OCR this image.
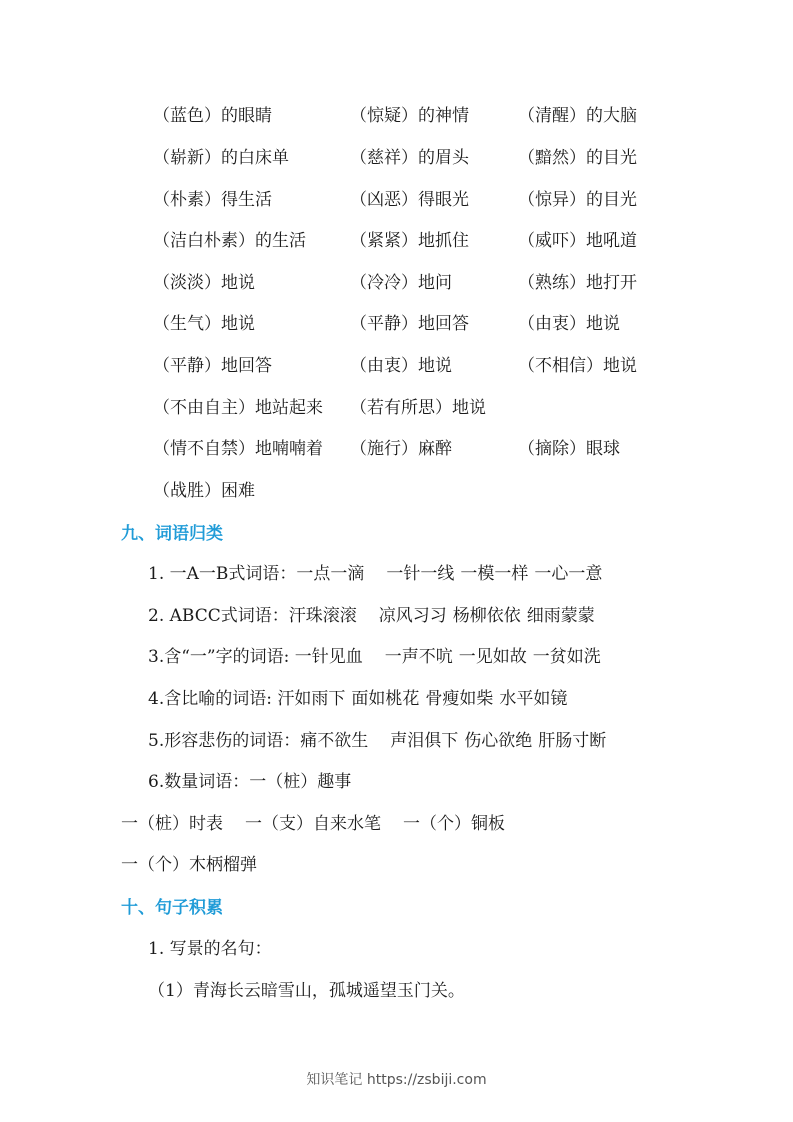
（蓝色）的眼睛	（惊疑）的神情	（清醒）的大脑
（崭新）的白床单	（慈祥）的眉头	（黯然）的目光
（朴素）得生活	（凶恶）得眼光	（惊异）的目光
（洁白朴素）的生活	（紧紧）地抓住	（威吓）地吼道
（淡淡）地说	（冷冷）地问	（熟练）地打开
（生气）地说	（平静）地回答	（由衷）地说
（平静）地回答	（由衷）地说	（不相信）地说
（不由自主）地站起来 （若有所思）地说
（情不自禁）地喃喃着 （施行）麻醉	（摘除）眼球
（战胜）困难
九、词语归类
1. 一A一B式词语：一点一滴 一针一线 一模一样 一心一意
2. ABCC式词语：汗珠滚滚 凉风习习 杨柳依依 细雨蒙蒙
3.含“一”字的词语: 一针见血 一声不吭 一见如故 一贫如洗
4.含比喻的词语: 汗如雨下 面如桃花 骨瘦如柴 水平如镜
5.形容悲伤的词语：痛不欲生 声泪俱下 伤心欲绝 肝肠寸断
6.数量词语：一（桩）趣事
一（桩）时表 一（支）自来水笔 一（个）铜板
一（个）木柄榴弹
十、句子积累
1. 写景的名句：
（1）青海长云暗雪山，孤城遥望玉门关。
知识笔记 https://zsbiji.com
